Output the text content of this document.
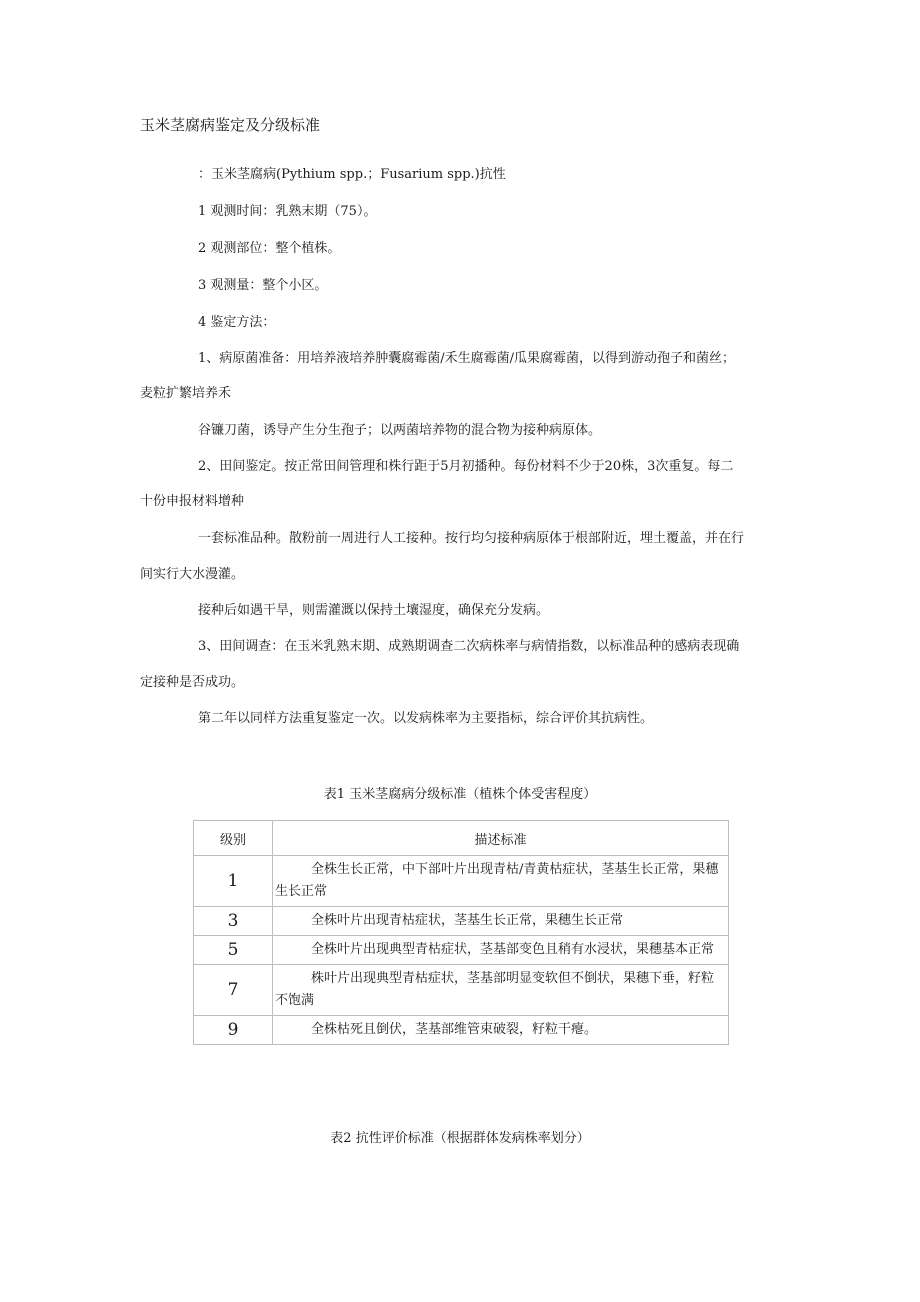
玉米茎腐病鉴定及分级标准
：玉米茎腐病(Pythium spp.；Fusarium spp.)抗性
1 观测时间：乳熟末期（75）。
2 观测部位：整个植株。
3 观测量：整个小区。
4 鉴定方法：
1、病原菌准备：用培养液培养肿囊腐霉菌/禾生腐霉菌/瓜果腐霉菌，以得到游动孢子和菌丝；
麦粒扩繁培养禾
谷镰刀菌，诱导产生分生孢子；以两菌培养物的混合物为接种病原体。
2、田间鉴定。按正常田间管理和株行距于5月初播种。每份材料不少于20株，3次重复。每二
十份申报材料增种
一套标准品种。散粉前一周进行人工接种。按行均匀接种病原体于根部附近，埋土覆盖，并在行
间实行大水漫灌。
接种后如遇干旱，则需灌溉以保持土壤湿度，确保充分发病。
3、田间调查：在玉米乳熟末期、成熟期调查二次病株率与病情指数，以标准品种的感病表现确
定接种是否成功。
第二年以同样方法重复鉴定一次。以发病株率为主要指标，综合评价其抗病性。
表1 玉米茎腐病分级标准（植株个体受害程度）
级别	描述标准
1	全株生长正常，中下部叶片出现青枯/青黄枯症状，茎基生长正常，果穗生长正常

3	全株叶片出现青枯症状，茎基生长正常，果穗生长正常

5	全株叶片出现典型青枯症状，茎基部变色且稍有水浸状，果穗基本正常

7	株叶片出现典型青枯症状，茎基部明显变软但不倒状，果穗下垂，籽粒不饱满

9	全株枯死且倒伏，茎基部维管束破裂，籽粒干瘪。
表2 抗性评价标准（根据群体发病株率划分）
